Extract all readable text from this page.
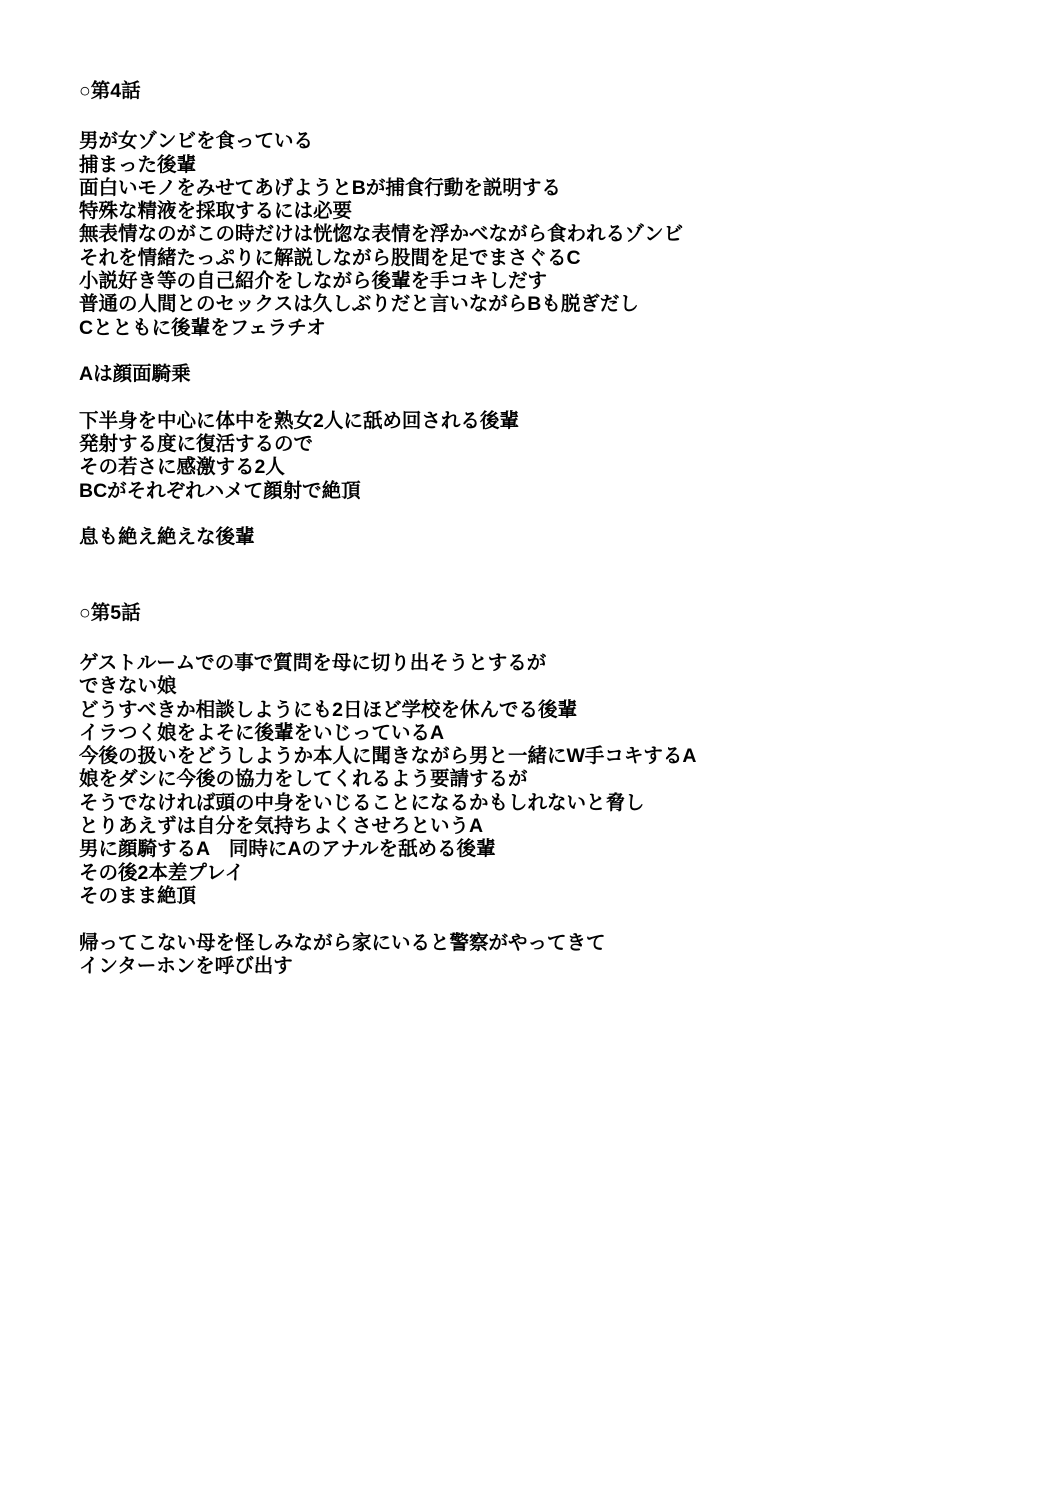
○第4話
男が女ゾンビを食っている
捕まった後輩
面白いモノをみせてあげようとBが捕食行動を説明する
特殊な精液を採取するには必要
無表情なのがこの時だけは恍惚な表情を浮かべながら食われるゾンビ
それを情緒たっぷりに解説しながら股間を足でまさぐるC
小説好き等の自己紹介をしながら後輩を手コキしだす
普通の人間とのセックスは久しぶりだと言いながらBも脱ぎだし
Cとともに後輩をフェラチオ
Aは顔面騎乗
下半身を中心に体中を熟女2人に舐め回される後輩
発射する度に復活するので
その若さに感激する2人
BCがそれぞれハメて顔射で絶頂
息も絶え絶えな後輩
○第5話
ゲストルームでの事で質問を母に切り出そうとするが
できない娘
どうすべきか相談しようにも2日ほど学校を休んでる後輩
イラつく娘をよそに後輩をいじっているA
今後の扱いをどうしようか本人に聞きながら男と一緒にW手コキするA
娘をダシに今後の協力をしてくれるよう要請するが
そうでなければ頭の中身をいじることになるかもしれないと脅し
とりあえずは自分を気持ちよくさせろというA
男に顔騎するA　同時にAのアナルを舐める後輩
その後2本差プレイ
そのまま絶頂
帰ってこない母を怪しみながら家にいると警察がやってきて
インターホンを呼び出す
